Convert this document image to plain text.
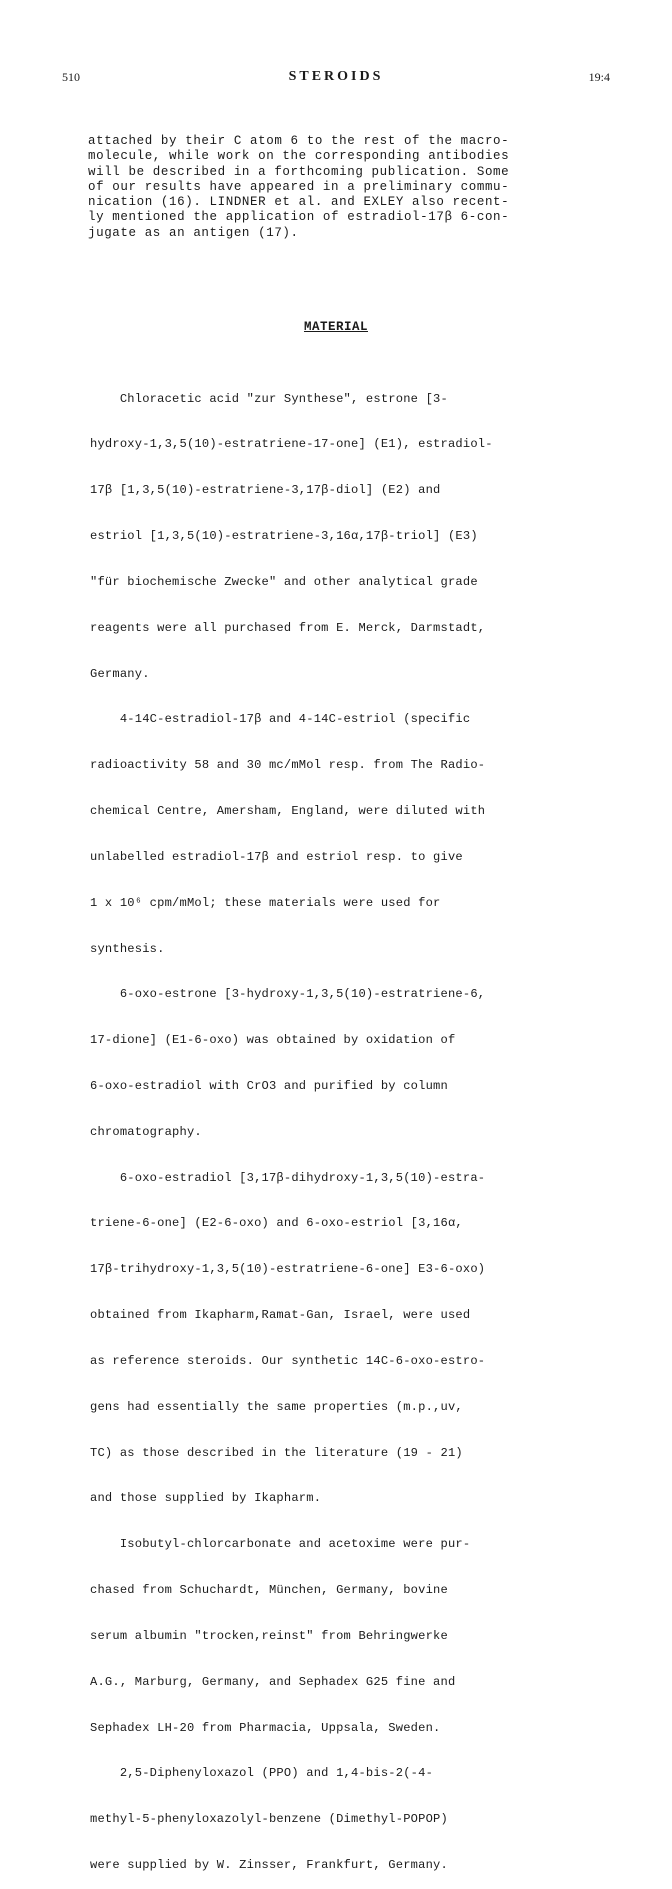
510	STEROIDS	19:4
attached by their C atom 6 to the rest of the macro-
molecule, while work on the corresponding antibodies
will be described in a forthcoming publication. Some
of our results have appeared in a preliminary commu-
nication (16). LINDNER et al. and EXLEY also recent-
ly mentioned the application of estradiol-17β 6-con-
jugate as an antigen (17).
MATERIAL

Chloracetic acid "zur Synthese", estrone [3-

hydroxy-1,3,5(10)-estratriene-17-one] (E1), estradiol-

17β [1,3,5(10)-estratriene-3,17β-diol] (E2) and

estriol [1,3,5(10)-estratriene-3,16α,17β-triol] (E3)

"für biochemische Zwecke" and other analytical grade

reagents were all purchased from E. Merck, Darmstadt,

Germany.

4-14C-estradiol-17β and 4-14C-estriol (specific

radioactivity 58 and 30 mc/mMol resp. from The Radio-

chemical Centre, Amersham, England, were diluted with

unlabelled estradiol-17β and estriol resp. to give

1 x 10⁶ cpm/mMol; these materials were used for

synthesis.

6-oxo-estrone [3-hydroxy-1,3,5(10)-estratriene-6,

17-dione] (E1-6-oxo) was obtained by oxidation of

6-oxo-estradiol with CrO3 and purified by column

chromatography.

6-oxo-estradiol [3,17β-dihydroxy-1,3,5(10)-estra-

triene-6-one] (E2-6-oxo) and 6-oxo-estriol [3,16α,

17β-trihydroxy-1,3,5(10)-estratriene-6-one] E3-6-oxo)

obtained from Ikapharm,Ramat-Gan, Israel, were used

as reference steroids. Our synthetic 14C-6-oxo-estro-

gens had essentially the same properties (m.p.,uv,

TC) as those described in the literature (19 - 21)

and those supplied by Ikapharm.

Isobutyl-chlorcarbonate and acetoxime were pur-

chased from Schuchardt, München, Germany, bovine

serum albumin "trocken,reinst" from Behringwerke

A.G., Marburg, Germany, and Sephadex G25 fine and

Sephadex LH-20 from Pharmacia, Uppsala, Sweden.

2,5-Diphenyloxazol (PPO) and 1,4-bis-2(-4-

methyl-5-phenyloxazolyl-benzene (Dimethyl-POPOP)

were supplied by W. Zinsser, Frankfurt, Germany.
